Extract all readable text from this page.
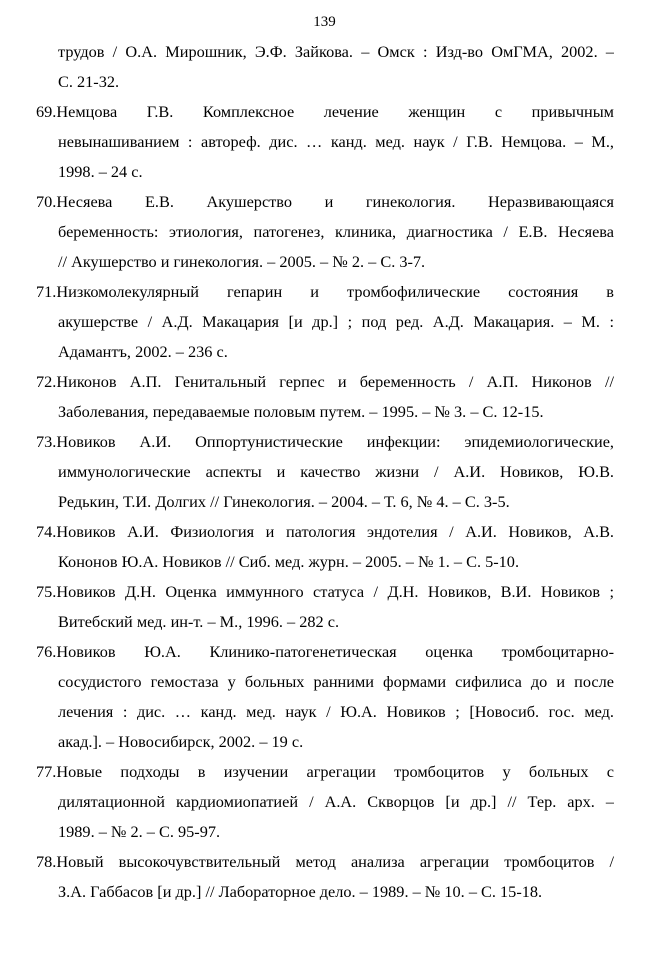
139
трудов / О.А. Мирошник, Э.Ф. Зайкова. – Омск : Изд-во ОмГМА, 2002. –
С. 21-32.
69.Немцова Г.В. Комплексное лечение женщин с привычным
невынашиванием : автореф. дис. … канд. мед. наук / Г.В. Немцова. – М.,
1998. – 24 с.
70.Несяева Е.В. Акушерство и гинекология. Неразвивающаяся
беременность: этиология, патогенез, клиника, диагностика / Е.В. Несяева
// Акушерство и гинекология. – 2005. – № 2. – С. 3-7.
71.Низкомолекулярный гепарин и тромбофилические состояния в
акушерстве / А.Д. Макацария [и др.] ; под ред. А.Д. Макацария. – М. :
Адамантъ, 2002. – 236 с.
72.Никонов А.П. Генитальный герпес и беременность / А.П. Никонов //
Заболевания, передаваемые половым путем. – 1995. – № 3. – С. 12-15.
73.Новиков А.И. Оппортунистические инфекции: эпидемиологические,
иммунологические аспекты и качество жизни / А.И. Новиков, Ю.В.
Редькин, Т.И. Долгих // Гинекология. – 2004. – Т. 6, № 4. – С. 3-5.
74.Новиков А.И. Физиология и патология эндотелия / А.И. Новиков, А.В.
Кононов Ю.А. Новиков // Сиб. мед. журн. – 2005. – № 1. – С. 5-10.
75.Новиков Д.Н. Оценка иммунного статуса / Д.Н. Новиков, В.И. Новиков ;
Витебский мед. ин-т. – М., 1996. – 282 с.
76.Новиков Ю.А. Клинико-патогенетическая оценка тромбоцитарно-
сосудистого гемостаза у больных ранними формами сифилиса до и после
лечения : дис. … канд. мед. наук / Ю.А. Новиков ; [Новосиб. гос. мед.
акад.]. – Новосибирск, 2002. – 19 с.
77.Новые подходы в изучении агрегации тромбоцитов у больных с
дилятационной кардиомиопатией / А.А. Скворцов [и др.] // Тер. арх. –
1989. – № 2. – С. 95-97.
78.Новый высокочувствительный метод анализа агрегации тромбоцитов /
З.А. Габбасов [и др.] // Лабораторное дело. – 1989. – № 10. – С. 15-18.
